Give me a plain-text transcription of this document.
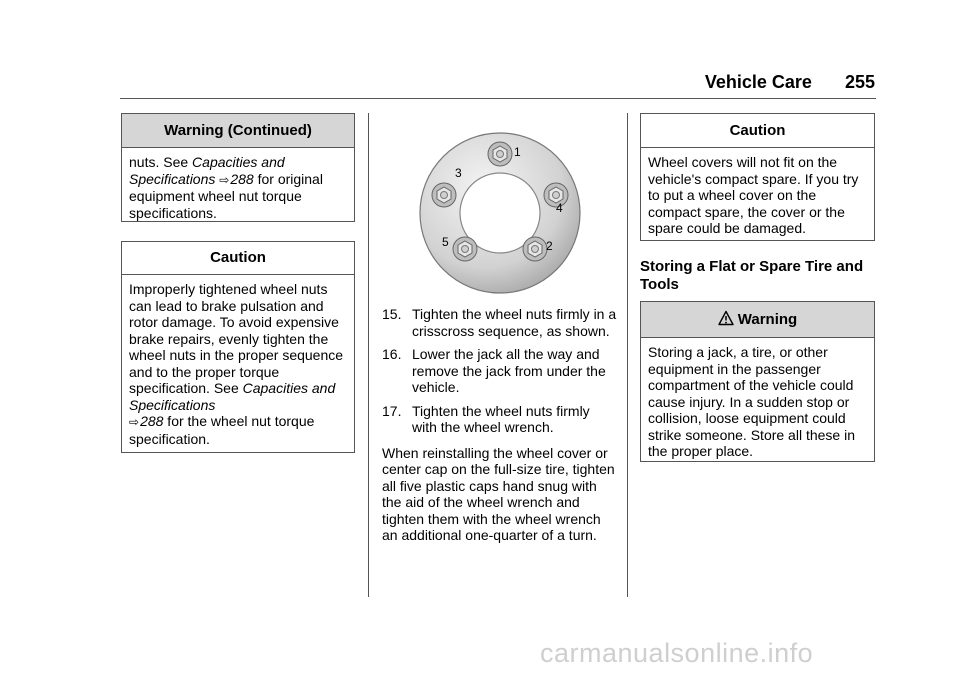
Vehicle Care 255
Warning (Continued)
nuts. See Capacities and Specifications ⇨288 for original equipment wheel nut torque specifications.
Caution
Improperly tightened wheel nuts can lead to brake pulsation and rotor damage. To avoid expensive brake repairs, evenly tighten the wheel nuts in the proper sequence and to the proper torque specification. See Capacities and Specifications
⇨288 for the wheel nut torque specification.
1
2
3
4
5
15. Tighten the wheel nuts firmly in a crisscross sequence, as shown.
16. Lower the jack all the way and remove the jack from under the vehicle.
17. Tighten the wheel nuts firmly with the wheel wrench.
When reinstalling the wheel cover or center cap on the full-size tire, tighten all five plastic caps hand snug with the aid of the wheel wrench and tighten them with the wheel wrench an additional one-quarter of a turn.
Caution
Wheel covers will not fit on the vehicle's compact spare. If you try to put a wheel cover on the compact spare, the cover or the spare could be damaged.
Storing a Flat or Spare Tire and Tools
Warning
Storing a jack, a tire, or other equipment in the passenger compartment of the vehicle could cause injury. In a sudden stop or collision, loose equipment could strike someone. Store all these in the proper place.
carmanualsonline.info
